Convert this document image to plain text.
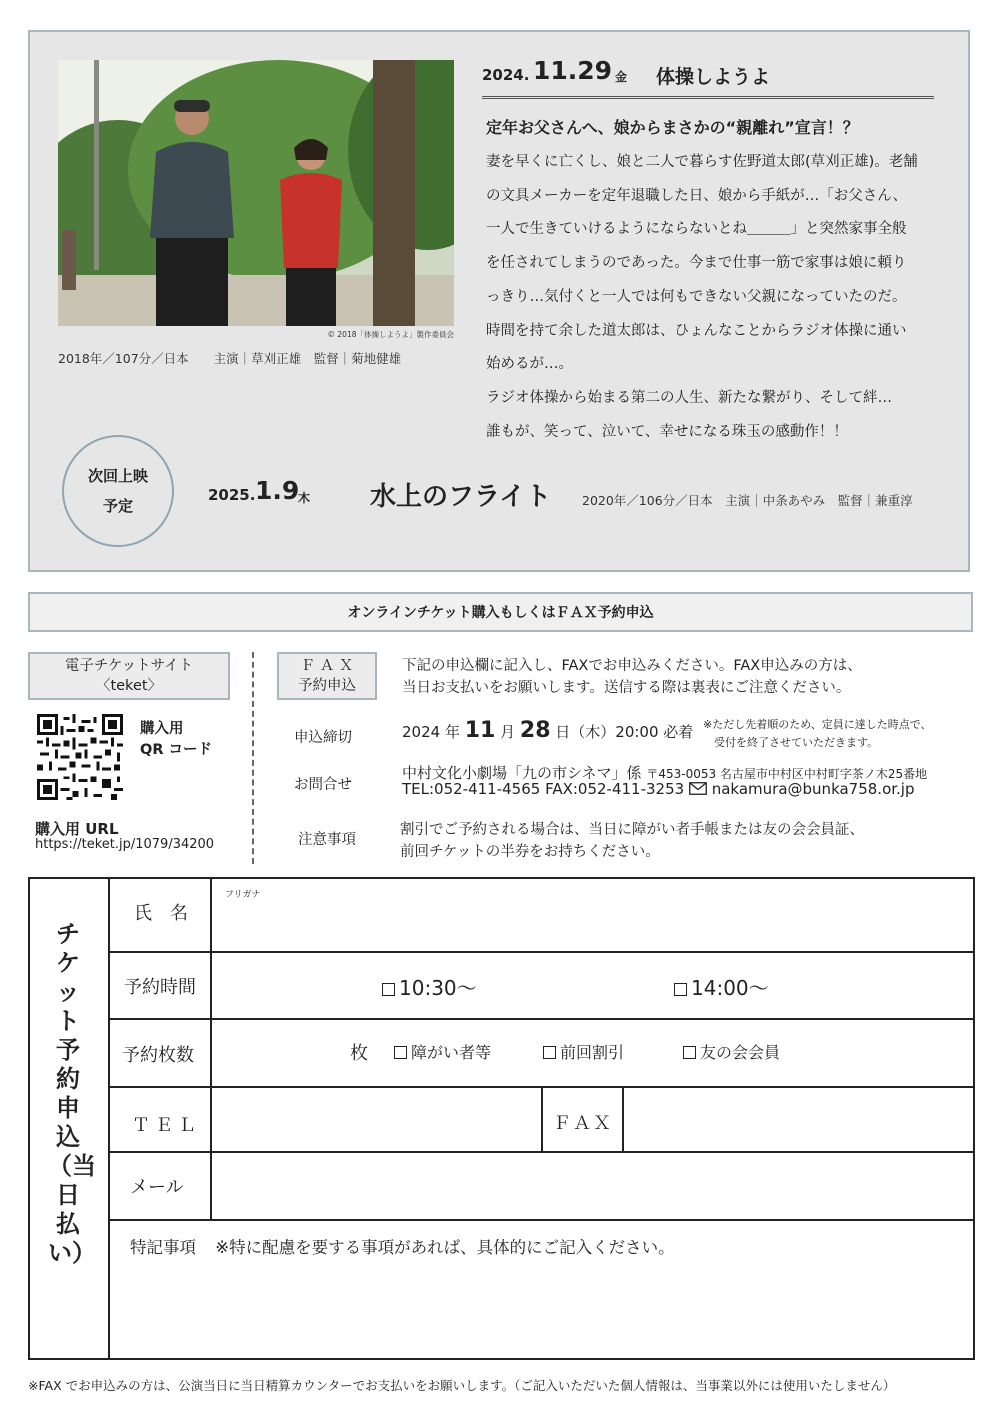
© 2018「体操しようよ」製作委員会
2018年／107分／日本　　主演｜草刈正雄　監督｜菊地健雄
2024. 11.29 金 体操しようよ
定年お父さんへ、娘からまさかの“親離れ”宣言！？
妻を早くに亡くし、娘と二人で暮らす佐野道太郎(草刈正雄)。老舗
の文具メーカーを定年退職した日、娘から手紙が…「お父さん、
一人で生きていけるようにならないとね＿＿＿」と突然家事全般
を任されてしまうのであった。今まで仕事一筋で家事は娘に頼り
っきり…気付くと一人では何もできない父親になっていたのだ。
時間を持て余した道太郎は、ひょんなことからラジオ体操に通い
始めるが…。
ラジオ体操から始まる第二の人生、新たな繋がり、そして絆…
誰もが、笑って、泣いて、幸せになる珠玉の感動作！！
次回上映
予定
2025. 1.9
木 水上のフライト 2020年／106分／日本　主演｜中条あやみ　監督｜兼重淳
オンラインチケット購入もしくはＦＡＸ予約申込
電子チケットサイト
〈teket〉
購入用
QR コード
購入用 URL
https://teket.jp/1079/34200
Ｆ Ａ Ｘ
予約申込
下記の申込欄に記入し、FAXでお申込みください。FAX申込みの方は、
当日お支払いをお願いします。送信する際は裏表にご注意ください。
申込締切	2024 年 11 月 28 日（木）20:00 必着 ※ただし先着順のため、定員に達した時点で、
受付を終了させていただきます。
お問合せ
中村文化小劇場「九の市シネマ」係 〒453-0053 名古屋市中村区中村町字茶ノ木25番地
TEL:052-411-4565 FAX:052-411-3253  nakamura@bunka758.or.jp
注意事項
割引でご予約される場合は、当日に障がい者手帳または友の会会員証、
前回チケットの半券をお持ちください。
チケット予約申込（当日払い）
氏　名
フリガナ
予約時間	10:30～	14:00～
予約枚数	枚	障がい者等	前回割引	友の会会員
ＴＥＬ	ＦＡＸ
メール
特記事項 ※特に配慮を要する事項があれば、具体的にご記入ください。
※FAX でお申込みの方は、公演当日に当日精算カウンターでお支払いをお願いします。（ご記入いただいた個人情報は、当事業以外には使用いたしません）
